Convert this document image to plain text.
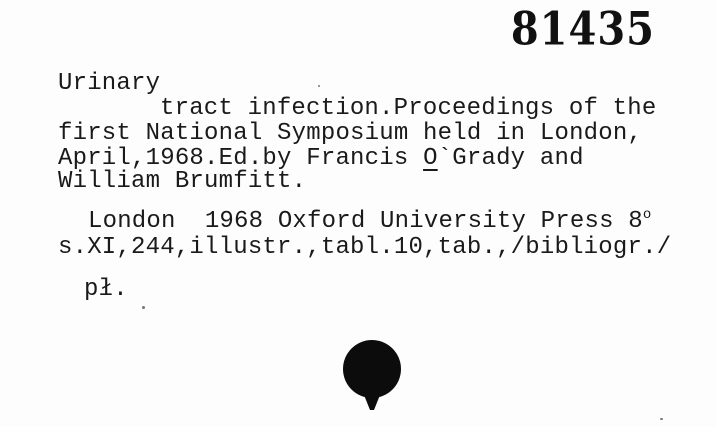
81435
Urinary
tract infection.Proceedings of the
first National Symposium held in London,
April,1968.Ed.by Francis O`Grady and
William Brumfitt.
London  1968 Oxford University Press 8$^o$
s.XI,244,illustr.,tabl.10,tab.,/bibliogr./
pł.
